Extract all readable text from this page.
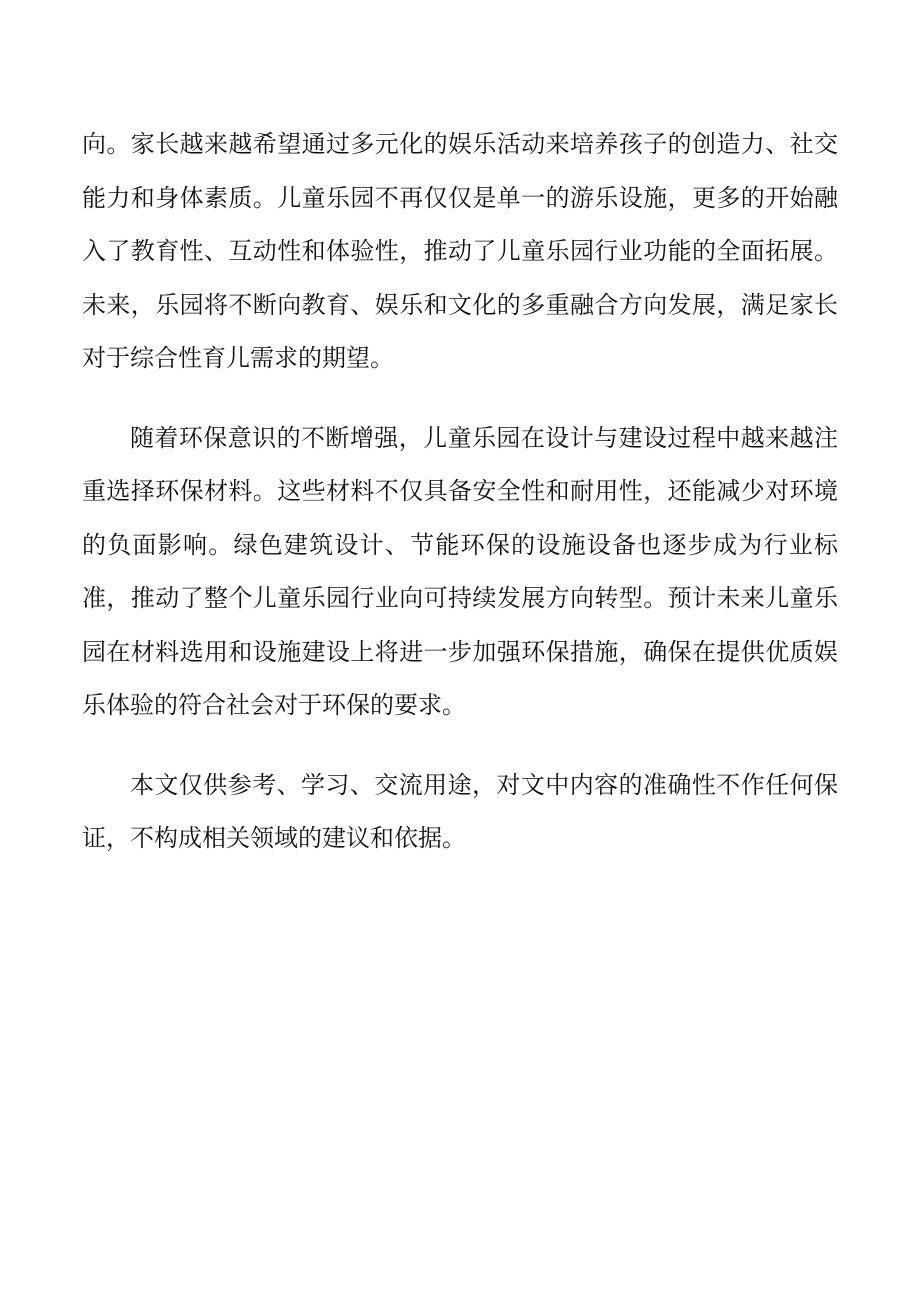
向。家长越来越希望通过多元化的娱乐活动来培养孩子的创造力、社交能力和身体素质。儿童乐园不再仅仅是单一的游乐设施，更多的开始融入了教育性、互动性和体验性，推动了儿童乐园行业功能的全面拓展。未来，乐园将不断向教育、娱乐和文化的多重融合方向发展，满足家长对于综合性育儿需求的期望。

随着环保意识的不断增强，儿童乐园在设计与建设过程中越来越注重选择环保材料。这些材料不仅具备安全性和耐用性，还能减少对环境的负面影响。绿色建筑设计、节能环保的设施设备也逐步成为行业标准，推动了整个儿童乐园行业向可持续发展方向转型。预计未来儿童乐园在材料选用和设施建设上将进一步加强环保措施，确保在提供优质娱乐体验的符合社会对于环保的要求。

本文仅供参考、学习、交流用途，对文中内容的准确性不作任何保证，不构成相关领域的建议和依据。
